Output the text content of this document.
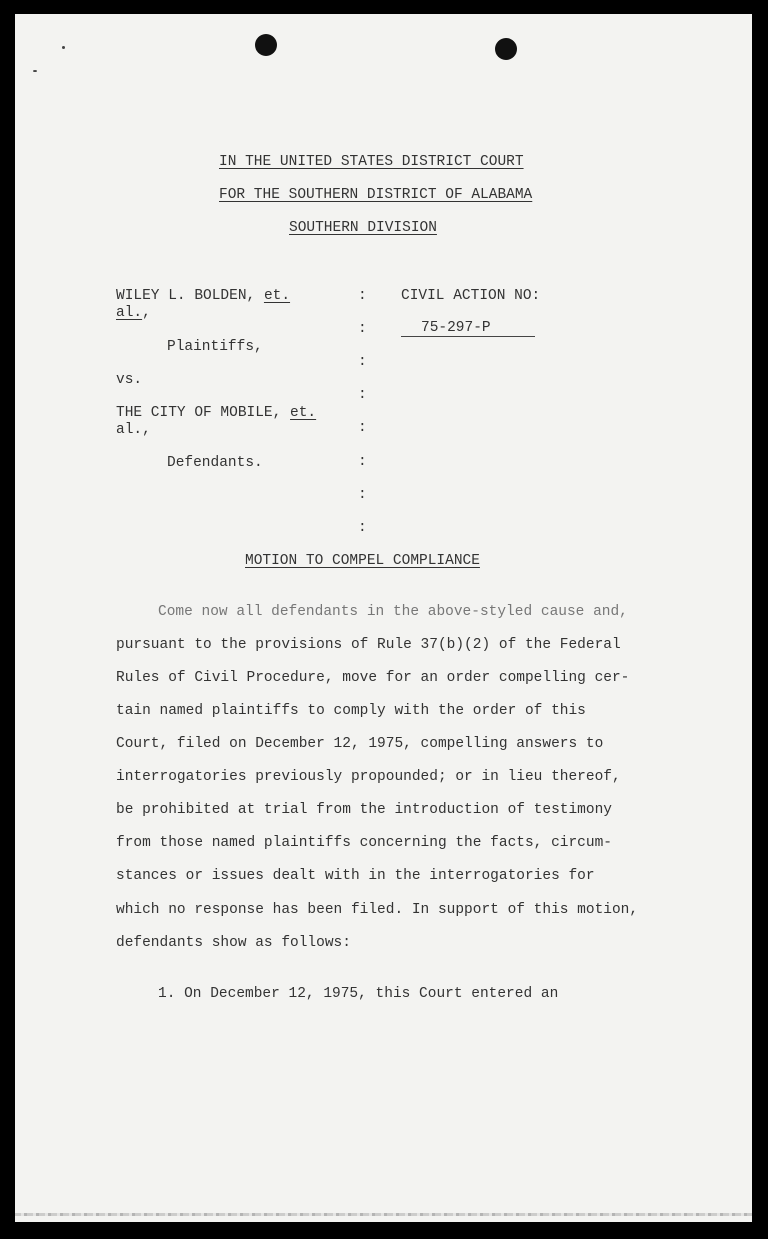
IN THE UNITED STATES DISTRICT COURT
FOR THE SOUTHERN DISTRICT OF ALABAMA
SOUTHERN DIVISION
WILEY L. BOLDEN, et.
al.,
Plaintiffs,
vs.
THE CITY OF MOBILE, et.
al.,
Defendants.
:
:
:
:
:
:
:
:
CIVIL ACTION NO:
75-297-P
MOTION TO COMPEL COMPLIANCE
Come now all defendants in the above-styled cause and,
pursuant to the provisions of Rule 37(b)(2) of the Federal
Rules of Civil Procedure, move for an order compelling cer-
tain named plaintiffs to comply with the order of this
Court, filed on December 12, 1975, compelling answers to
interrogatories previously propounded; or in lieu thereof,
be prohibited at trial from the introduction of testimony
from those named plaintiffs concerning the facts, circum-
stances or issues dealt with in the interrogatories for
which no response has been filed. In support of this motion,
defendants show as follows:
1. On December 12, 1975, this Court entered an
